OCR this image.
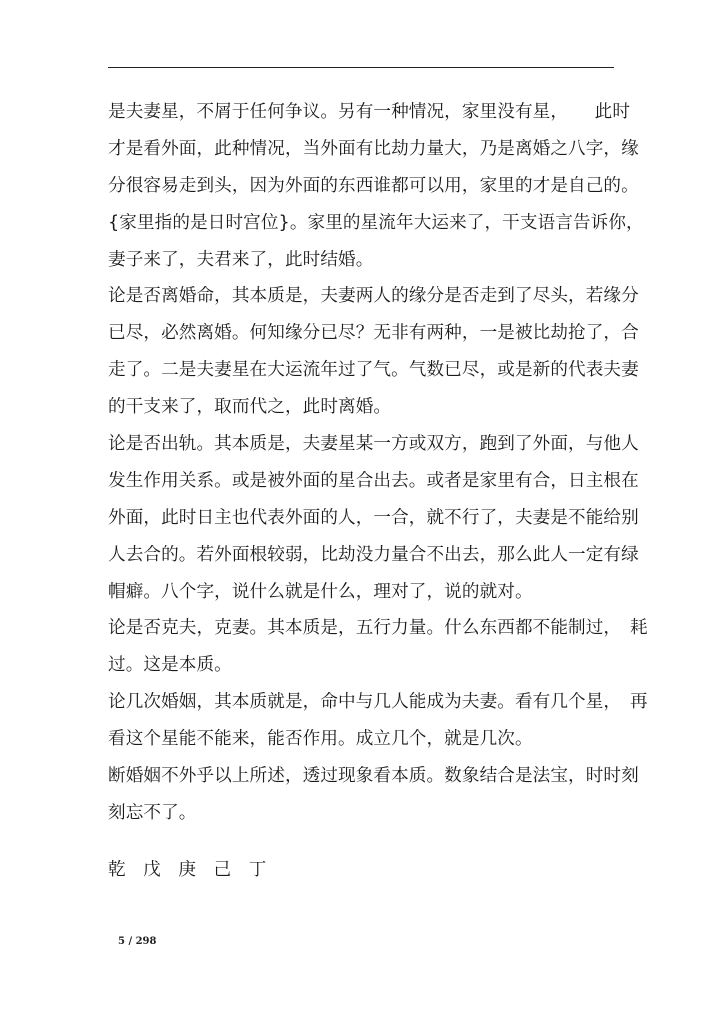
是夫妻星，不屑于任何争议。另有一种情况，家里没有星，　　此时
才是看外面，此种情况，当外面有比劫力量大，乃是离婚之八字，缘
分很容易走到头，因为外面的东西谁都可以用，家里的才是自己的。
{家里指的是日时宫位}。家里的星流年大运来了，干支语言告诉你，
妻子来了，夫君来了，此时结婚。

论是否离婚命，其本质是，夫妻两人的缘分是否走到了尽头，若缘分
已尽，必然离婚。何知缘分已尽？无非有两种，一是被比劫抢了，合
走了。二是夫妻星在大运流年过了气。气数已尽，或是新的代表夫妻
的干支来了，取而代之，此时离婚。

论是否出轨。其本质是，夫妻星某一方或双方，跑到了外面，与他人
发生作用关系。或是被外面的星合出去。或者是家里有合，日主根在
外面，此时日主也代表外面的人，一合，就不行了，夫妻是不能给别
人去合的。若外面根较弱，比劫没力量合不出去，那么此人一定有绿
帽癖。八个字，说什么就是什么，理对了，说的就对。

论是否克夫，克妻。其本质是，五行力量。什么东西都不能制过，　耗
过。这是本质。

论几次婚姻，其本质就是，命中与几人能成为夫妻。看有几个星，　再
看这个星能不能来，能否作用。成立几个，就是几次。

断婚姻不外乎以上所述，透过现象看本质。数象结合是法宝，时时刻
刻忘不了。

乾 戊 庚 己 丁

5 / 298
